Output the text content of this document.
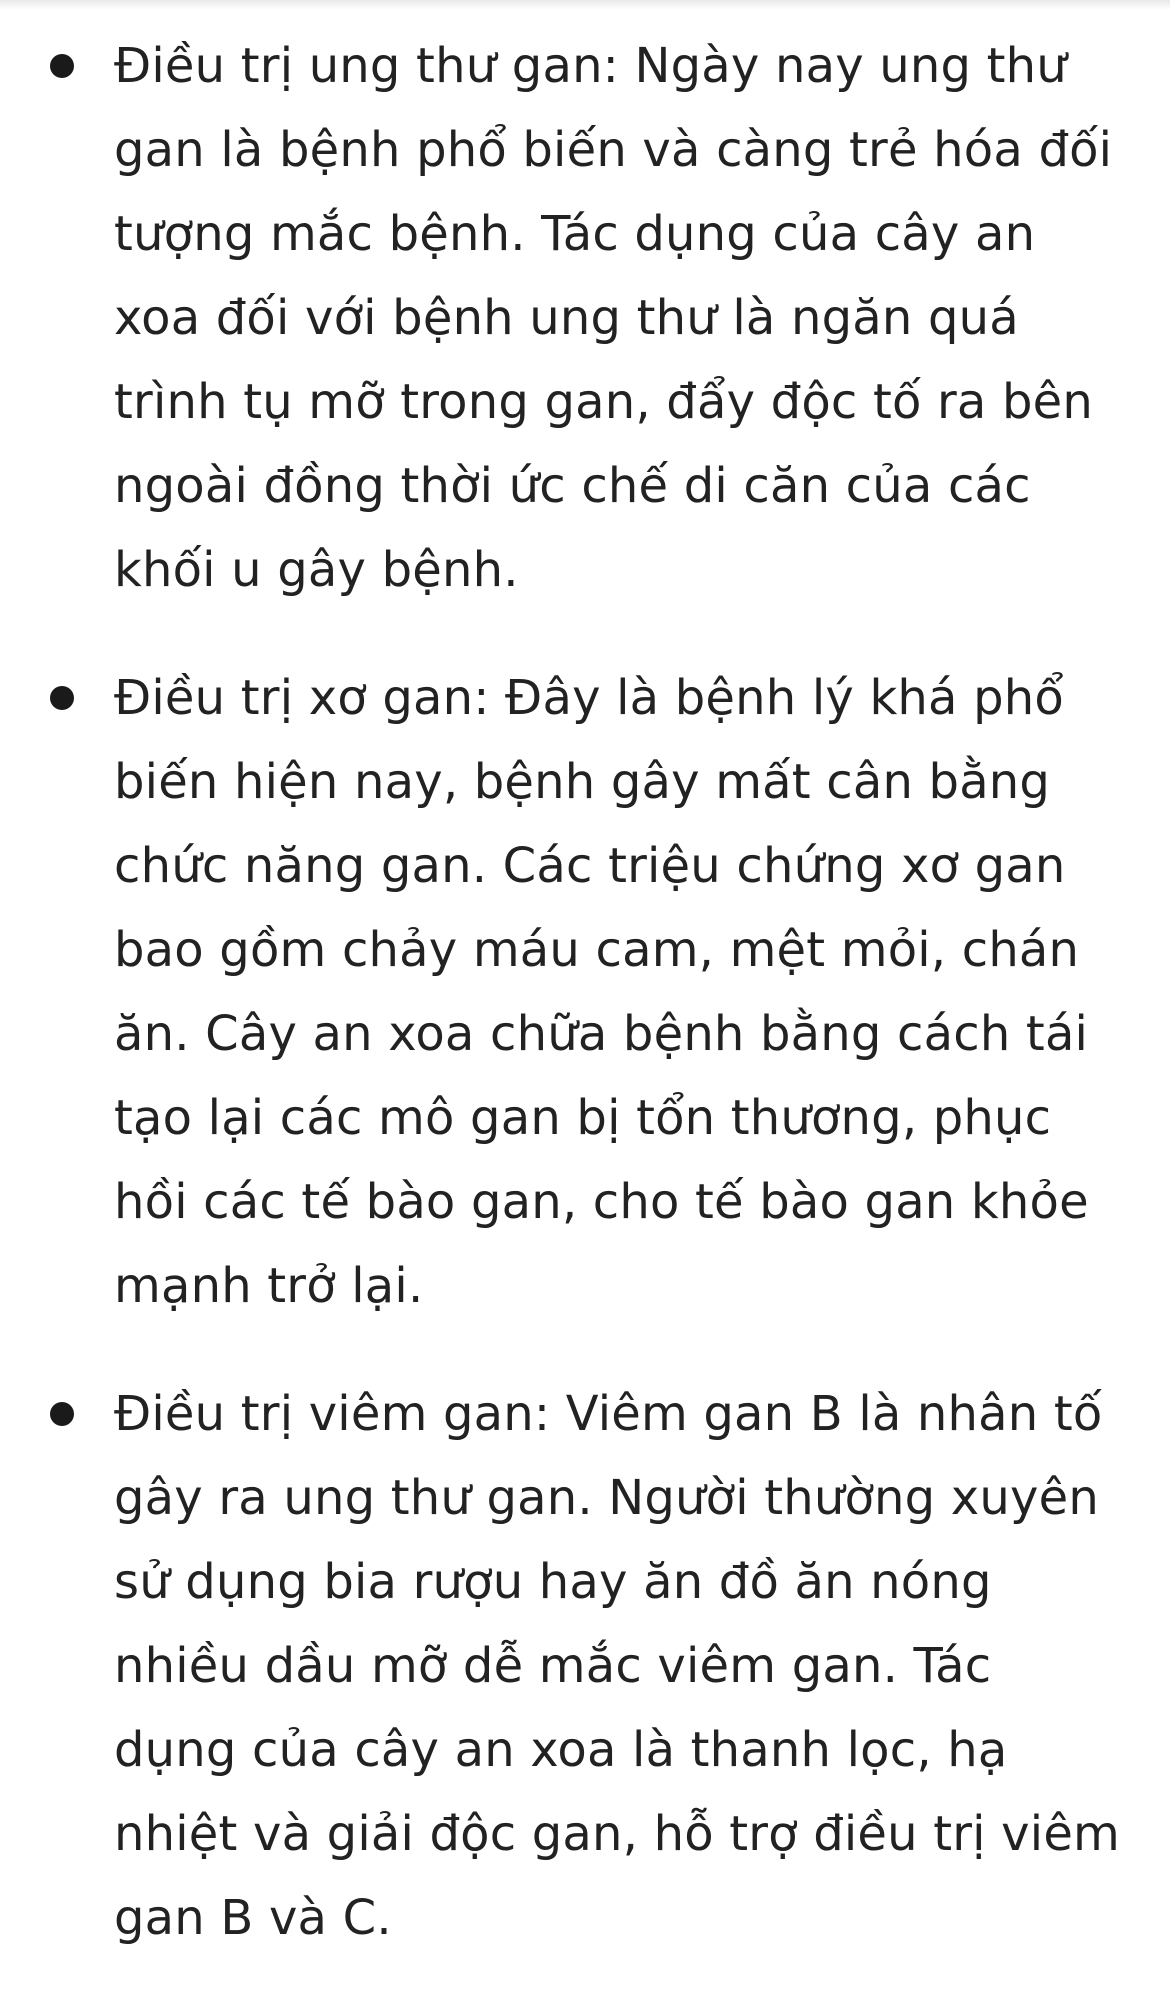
Điều trị ung thư gan: Ngày nay ung thư gan là bệnh phổ biến và càng trẻ hóa đối tượng mắc bệnh. Tác dụng của cây an xoa đối với bệnh ung thư là ngăn quá trình tụ mỡ trong gan, đẩy độc tố ra bên ngoài đồng thời ức chế di căn của các khối u gây bệnh.
Điều trị xơ gan: Đây là bệnh lý khá phổ biến hiện nay, bệnh gây mất cân bằng chức năng gan. Các triệu chứng xơ gan bao gồm chảy máu cam, mệt mỏi, chán ăn. Cây an xoa chữa bệnh bằng cách tái tạo lại các mô gan bị tổn thương, phục hồi các tế bào gan, cho tế bào gan khỏe mạnh trở lại.
Điều trị viêm gan: Viêm gan B là nhân tố gây ra ung thư gan. Người thường xuyên sử dụng bia rượu hay ăn đồ ăn nóng nhiều dầu mỡ dễ mắc viêm gan. Tác dụng của cây an xoa là thanh lọc, hạ nhiệt và giải độc gan, hỗ trợ điều trị viêm gan B và C.
